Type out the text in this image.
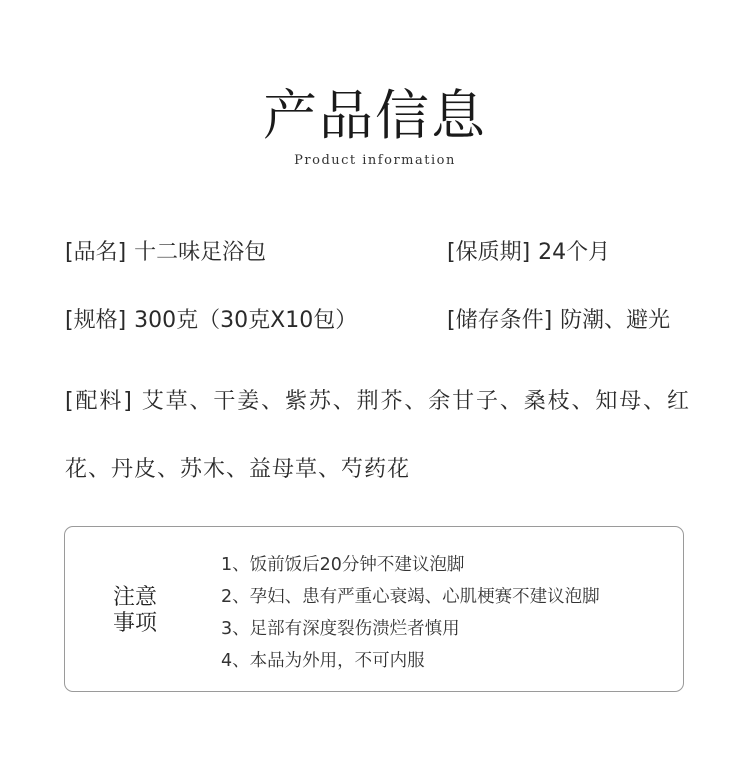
产品信息
Product information
[品名] 十二味足浴包	[保质期] 24个月
[规格] 300克（30克X10包）	[储存条件] 防潮、避光
[配料] 艾草、干姜、紫苏、荆芥、余甘子、桑枝、知母、红花、丹皮、苏木、益母草、芍药花
注意
事项
1、饭前饭后20分钟不建议泡脚
2、孕妇、患有严重心衰竭、心肌梗赛不建议泡脚
3、足部有深度裂伤溃烂者慎用
4、本品为外用，不可内服
